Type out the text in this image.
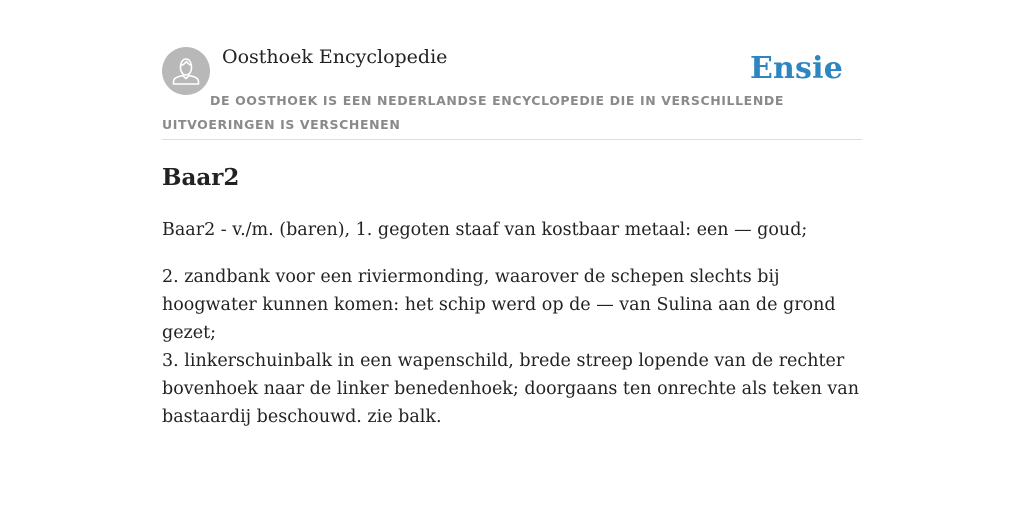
Oosthoek Encyclopedie	Ensie
DE OOSTHOEK IS EEN NEDERLANDSE ENCYCLOPEDIE DIE IN VERSCHILLENDE UITVOERINGEN IS VERSCHENEN
Baar2

Baar2 - v./m. (baren), 1. gegoten staaf van kostbaar metaal: een — goud;

2. zandbank voor een riviermonding, waarover de schepen slechts bij hoogwater kunnen komen: het schip werd op de — van Sulina aan de grond gezet;

3. linkerschuinbalk in een wapenschild, brede streep lopende van de rechter bovenhoek naar de linker benedenhoek; doorgaans ten onrechte als teken van bastaardij beschouwd. zie balk.
